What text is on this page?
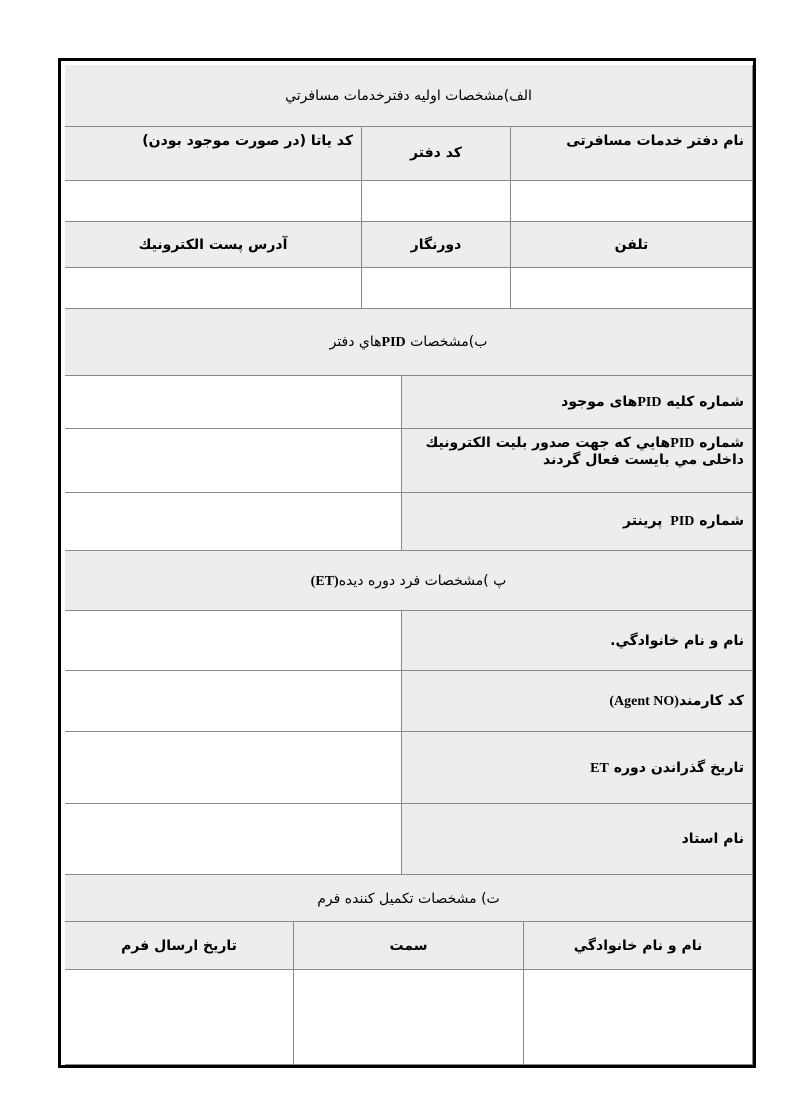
الف)مشخصات اوليه دفترخدمات مسافرتي
نام دفتر خدمات مسافرتی
کد دفتر
کد یاتا (در صورت موجود بودن)
تلفن
دورنگار
آدرس پست الكترونيك
ب)مشخصات PIDهاي دفتر
شماره کلیه PIDهای موجود
شماره PIDهايي كه جهت صدور بليت الكترونيك داخلی مي بايست فعال گردند
شماره PID پرينتر
پ )مشخصات فرد دوره ديده(ET)
نام و نام خانوادگي.
کد کارمند(Agent NO)
تاريخ گذراندن دوره ET
نام استاد
ت) مشخصات تکمیل کننده فرم
نام و نام خانوادگي
سمت
تاريخ ارسال فرم
